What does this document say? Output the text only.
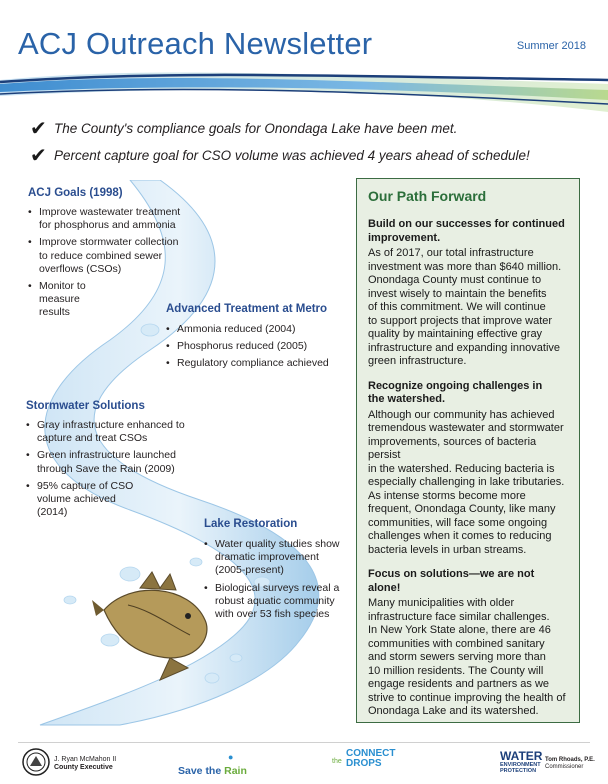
ACJ Outreach Newsletter	Summer 2018
✔ The County's compliance goals for Onondaga Lake have been met.
✔ Percent capture goal for CSO volume was achieved 4 years ahead of schedule!
ACJ Goals (1998)
• Improve wastewater treatment
for phosphorus and ammonia
• Improve stormwater collection
to reduce combined sewer
overflows (CSOs)
• Monitor to
measure
results	Advanced Treatment at Metro
• Ammonia reduced (2004)
• Phosphorus reduced (2005)
• Regulatory compliance achieved
Stormwater Solutions
• Gray infrastructure enhanced to
capture and treat CSOs
• Green infrastructure launched
through Save the Rain (2009)
• 95% capture of CSO
volume achieved
(2014)
Lake Restoration
• Water quality studies show
dramatic improvement
(2005-present)
• Biological surveys reveal a
robust aquatic community
with over 53 fish species
Our Path Forward
Build on our successes for continued
improvement.
As of 2017, our total infrastructure
investment was more than $640 million.
Onondaga County must continue to
invest wisely to maintain the benefits
of this commitment. We will continue
to support projects that improve water
quality by maintaining effective gray
infrastructure and expanding innovative
green infrastructure.
Recognize ongoing challenges in
the watershed.
Although our community has achieved
tremendous wastewater and stormwater
improvements, sources of bacteria persist
in the watershed. Reducing bacteria is
especially challenging in lake tributaries.
As intense storms become more
frequent, Onondaga County, like many
communities, will face some ongoing
challenges when it comes to reducing
bacteria levels in urban streams.
Focus on solutions—we are not alone!
Many municipalities with older
infrastructure face similar challenges.
In New York State alone, there are 46
communities with combined sanitary
and storm sewers serving more than
10 million residents. The County will
engage residents and partners as we
strive to continue improving the health of
Onondaga Lake and its watershed.
J. Ryan McMahon II
County Executive
●
Save the Rain
CONNECT
the DROPS
WATER
ENVIRONMENT
PROTECTION
Tom Rhoads, P.E.
Commissioner
